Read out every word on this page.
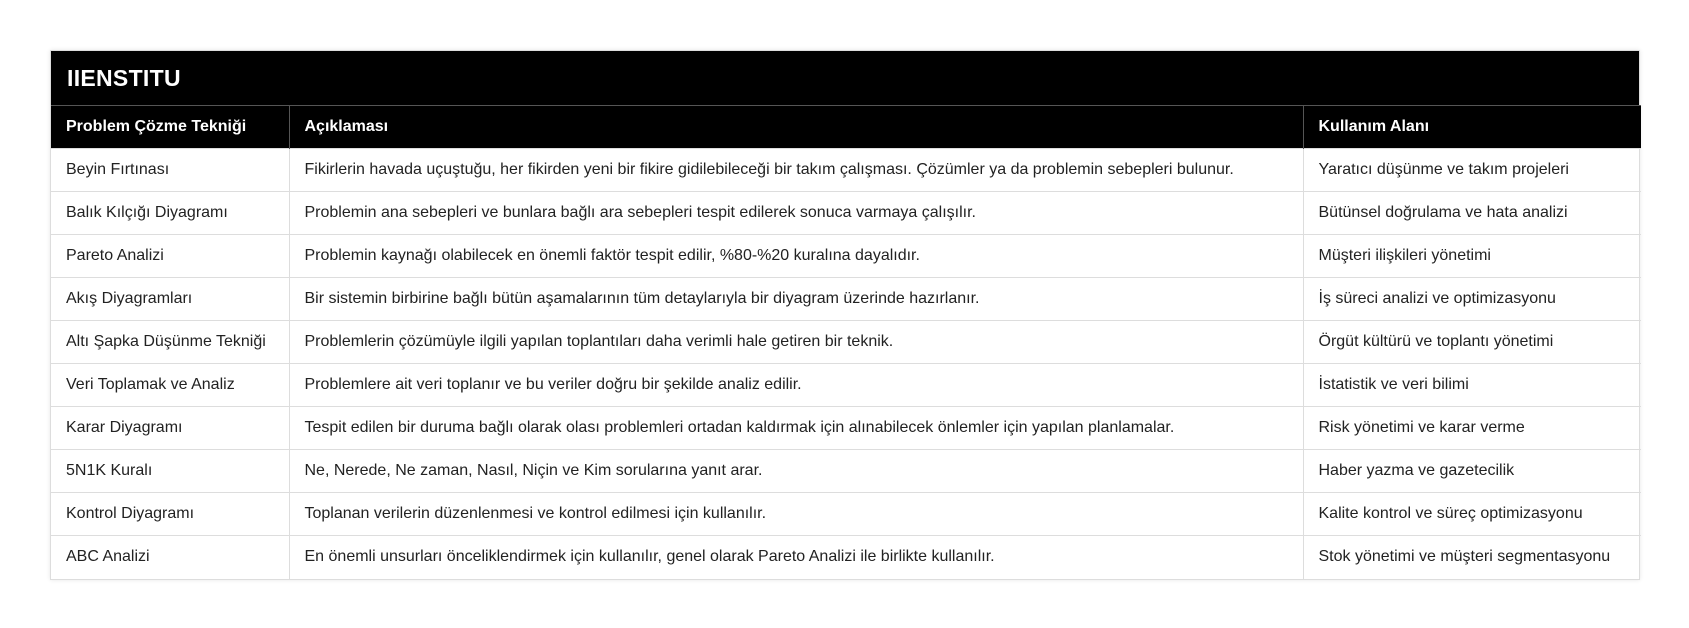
IIENSTITU
Problem Çözme Tekniği	Açıklaması	Kullanım Alanı
Beyin Fırtınası	Fikirlerin havada uçuştuğu, her fikirden yeni bir fikire gidilebileceği bir takım çalışması. Çözümler ya da problemin sebepleri bulunur.	Yaratıcı düşünme ve takım projeleri
Balık Kılçığı Diyagramı	Problemin ana sebepleri ve bunlara bağlı ara sebepleri tespit edilerek sonuca varmaya çalışılır.	Bütünsel doğrulama ve hata analizi
Pareto Analizi	Problemin kaynağı olabilecek en önemli faktör tespit edilir, %80-%20 kuralına dayalıdır.	Müşteri ilişkileri yönetimi
Akış Diyagramları	Bir sistemin birbirine bağlı bütün aşamalarının tüm detaylarıyla bir diyagram üzerinde hazırlanır.	İş süreci analizi ve optimizasyonu
Altı Şapka Düşünme Tekniği	Problemlerin çözümüyle ilgili yapılan toplantıları daha verimli hale getiren bir teknik.	Örgüt kültürü ve toplantı yönetimi
Veri Toplamak ve Analiz	Problemlere ait veri toplanır ve bu veriler doğru bir şekilde analiz edilir.	İstatistik ve veri bilimi
Karar Diyagramı	Tespit edilen bir duruma bağlı olarak olası problemleri ortadan kaldırmak için alınabilecek önlemler için yapılan planlamalar.	Risk yönetimi ve karar verme
5N1K Kuralı	Ne, Nerede, Ne zaman, Nasıl, Niçin ve Kim sorularına yanıt arar.	Haber yazma ve gazetecilik
Kontrol Diyagramı	Toplanan verilerin düzenlenmesi ve kontrol edilmesi için kullanılır.	Kalite kontrol ve süreç optimizasyonu
ABC Analizi	En önemli unsurları önceliklendirmek için kullanılır, genel olarak Pareto Analizi ile birlikte kullanılır.	Stok yönetimi ve müşteri segmentasyonu
